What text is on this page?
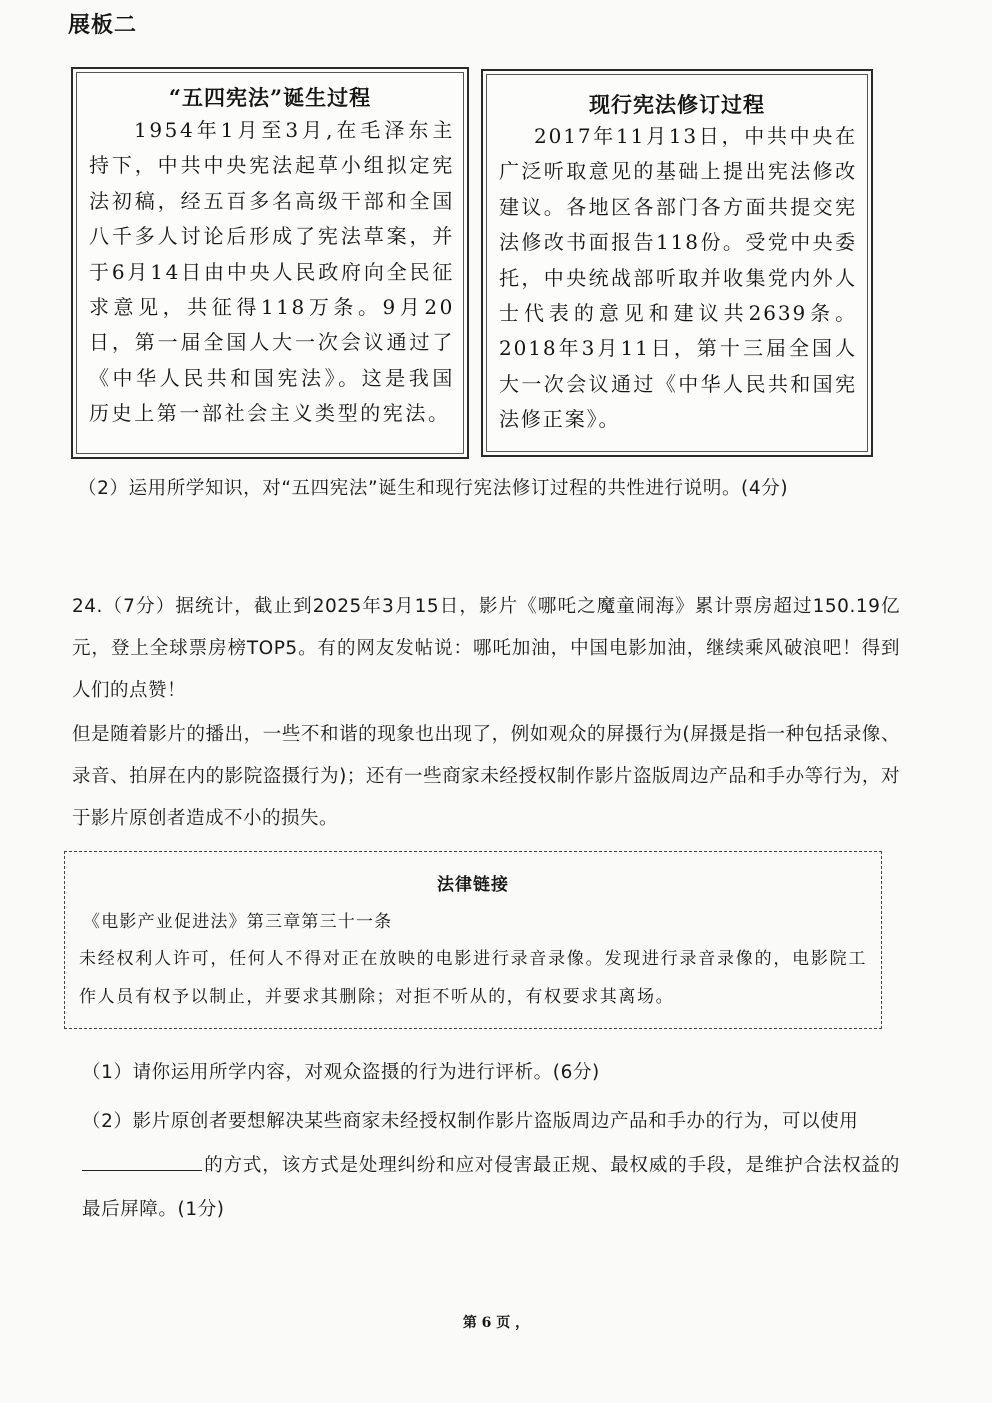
展板二
“五四宪法”诞生过程
1954年1月至3月,在毛泽东主持下，中共中央宪法起草小组拟定宪法初稿，经五百多名高级干部和全国八千多人讨论后形成了宪法草案，并于6月14日由中央人民政府向全民征求意见，共征得118万条。9月20日，第一届全国人大一次会议通过了《中华人民共和国宪法》。这是我国历史上第一部社会主义类型的宪法。
现行宪法修订过程
2017年11月13日，中共中央在广泛听取意见的基础上提出宪法修改建议。各地区各部门各方面共提交宪法修改书面报告118份。受党中央委托，中央统战部听取并收集党内外人士代表的意见和建议共2639条。2018年3月11日，第十三届全国人大一次会议通过《中华人民共和国宪法修正案》。
（2）运用所学知识，对“五四宪法”诞生和现行宪法修订过程的共性进行说明。(4分)
24.（7分）据统计，截止到2025年3月15日，影片《哪吒之魔童闹海》累计票房超过150.19亿元，登上全球票房榜TOP5。有的网友发帖说：哪吒加油，中国电影加油，继续乘风破浪吧！得到人们的点赞！
但是随着影片的播出，一些不和谐的现象也出现了，例如观众的屏摄行为(屏摄是指一种包括录像、录音、拍屏在内的影院盗摄行为)；还有一些商家未经授权制作影片盗版周边产品和手办等行为，对于影片原创者造成不小的损失。
法律链接
《电影产业促进法》第三章第三十一条
未经权利人许可，任何人不得对正在放映的电影进行录音录像。发现进行录音录像的，电影院工作人员有权予以制止，并要求其删除；对拒不听从的，有权要求其离场。
（1）请你运用所学内容，对观众盗摄的行为进行评析。(6分)
（2）影片原创者要想解决某些商家未经授权制作影片盗版周边产品和手办的行为，可以使用
的方式，该方式是处理纠纷和应对侵害最正规、最权威的手段，是维护合法权益的最后屏障。(1分)
第 6 页 ，
